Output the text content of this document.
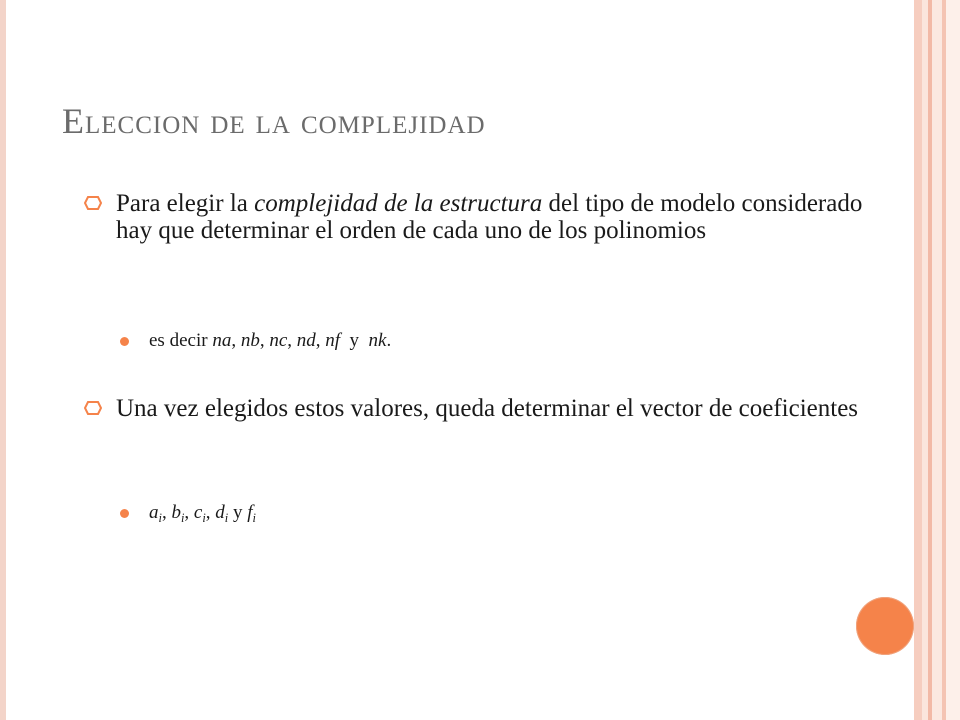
Eleccion de la complejidad
Para elegir la complejidad de la estructura del tipo de modelo considerado hay que determinar el orden de cada uno de los polinomios
es decir na, nb, nc, nd, nf y nk.
Una vez elegidos estos valores, queda determinar el vector de coeficientes
$a_i$, $b_i$, $c_i$, $d_i$ y $f_i$
